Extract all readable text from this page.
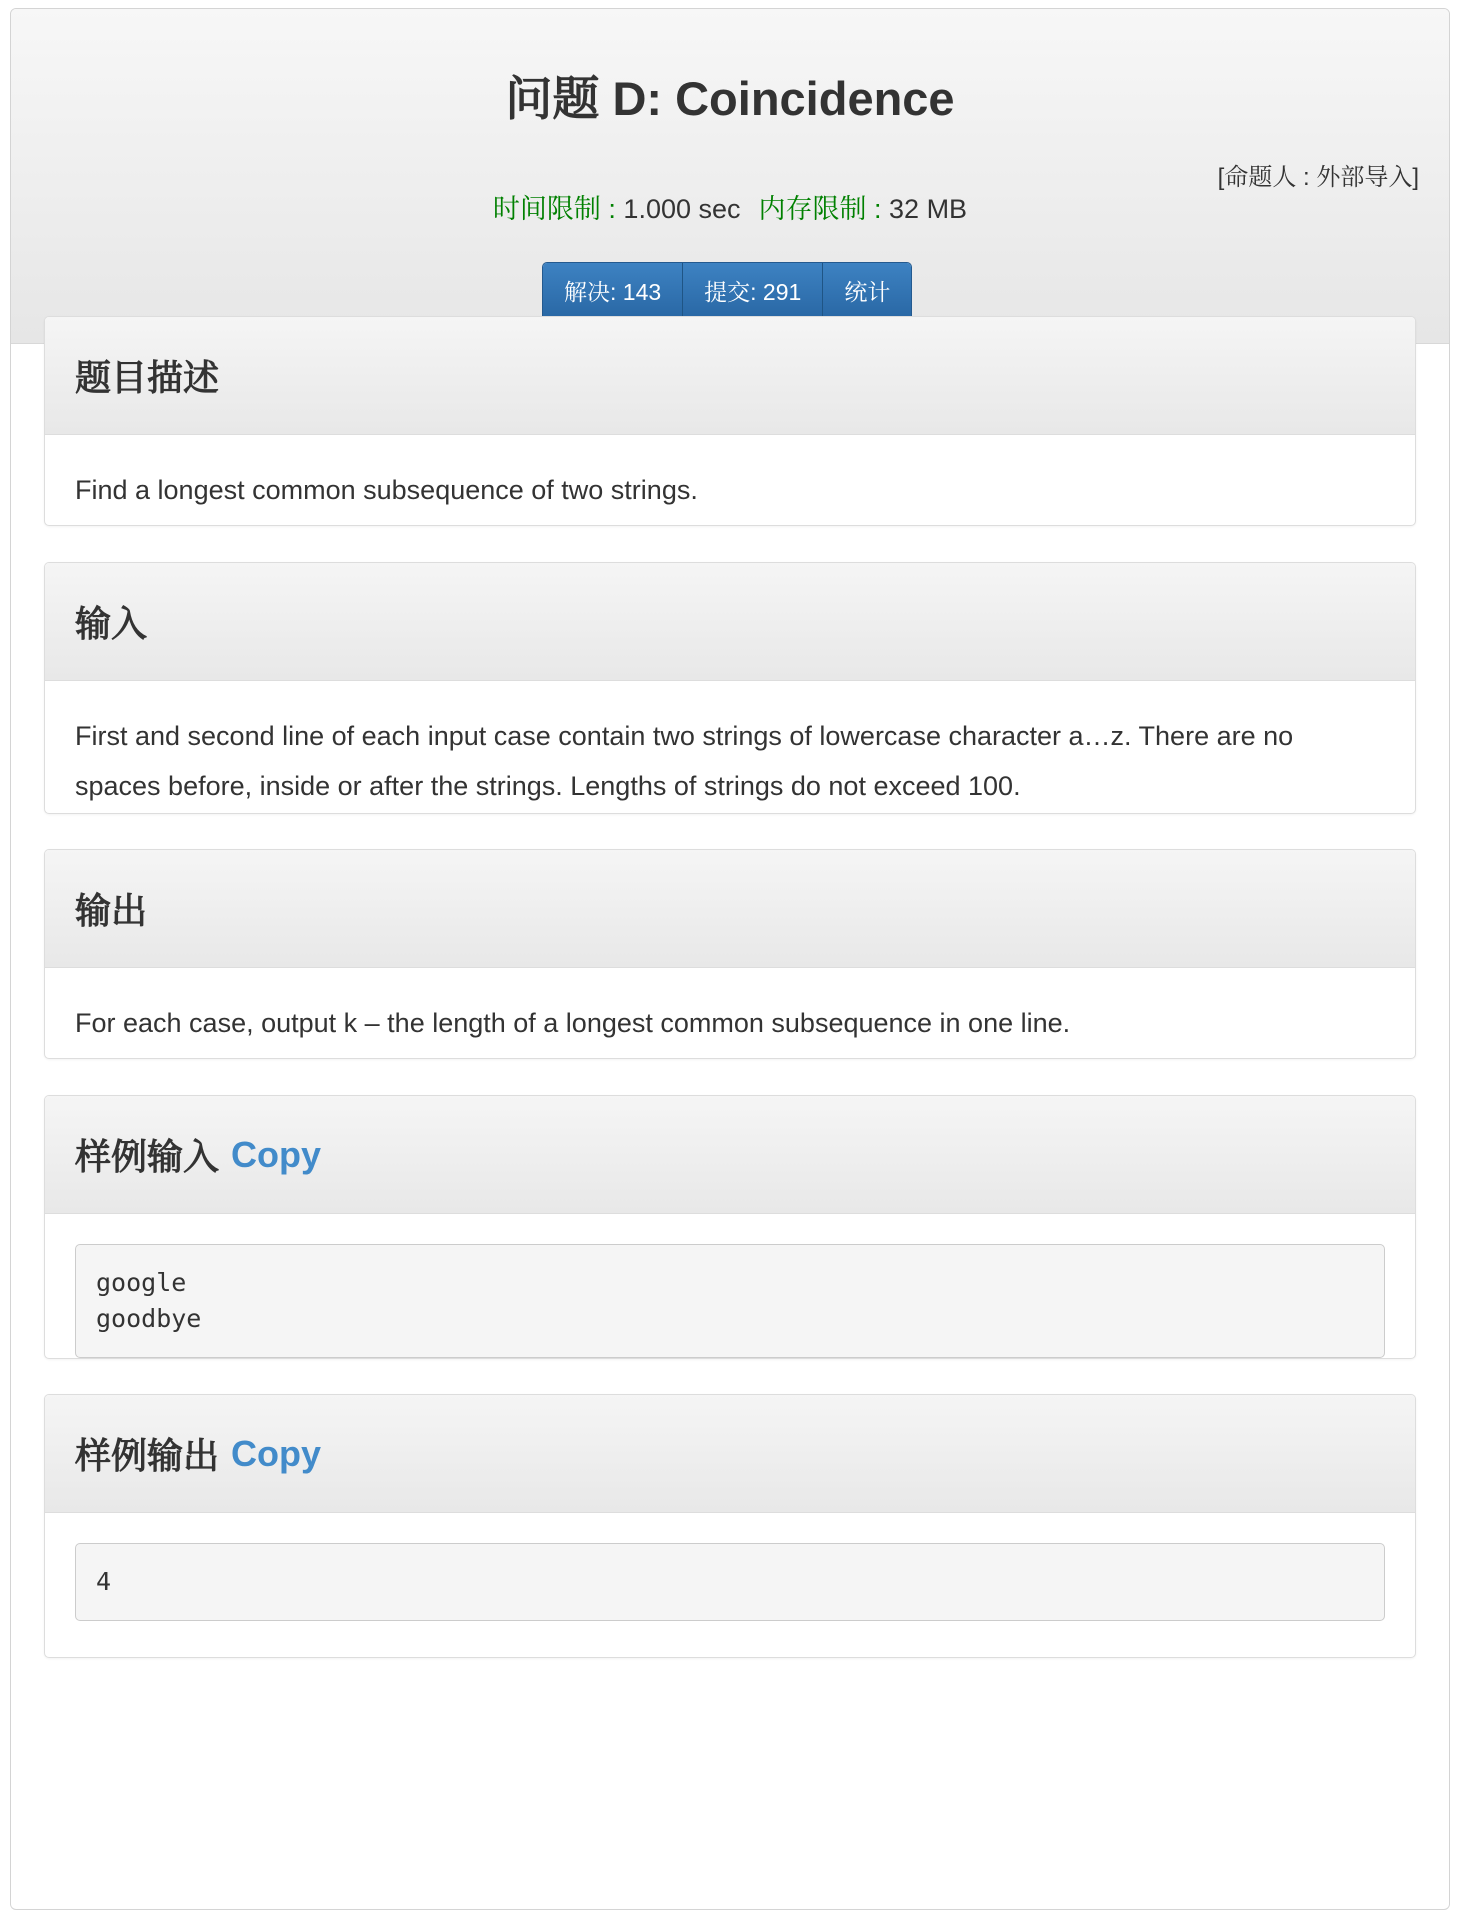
问题 D: Coincidence
[命题人 : 外部导入]
时间限制 : 1.000 sec 内存限制 : 32 MB
解决: 143	提交: 291	统计
题目描述
Find a longest common subsequence of two strings.
输入
First and second line of each input case contain two strings of lowercase character a…z. There are no spaces before, inside or after the strings. Lengths of strings do not exceed 100.
输出
For each case, output k – the length of a longest common subsequence in one line.
样例输入 Copy
google
goodbye
样例输出 Copy
4
